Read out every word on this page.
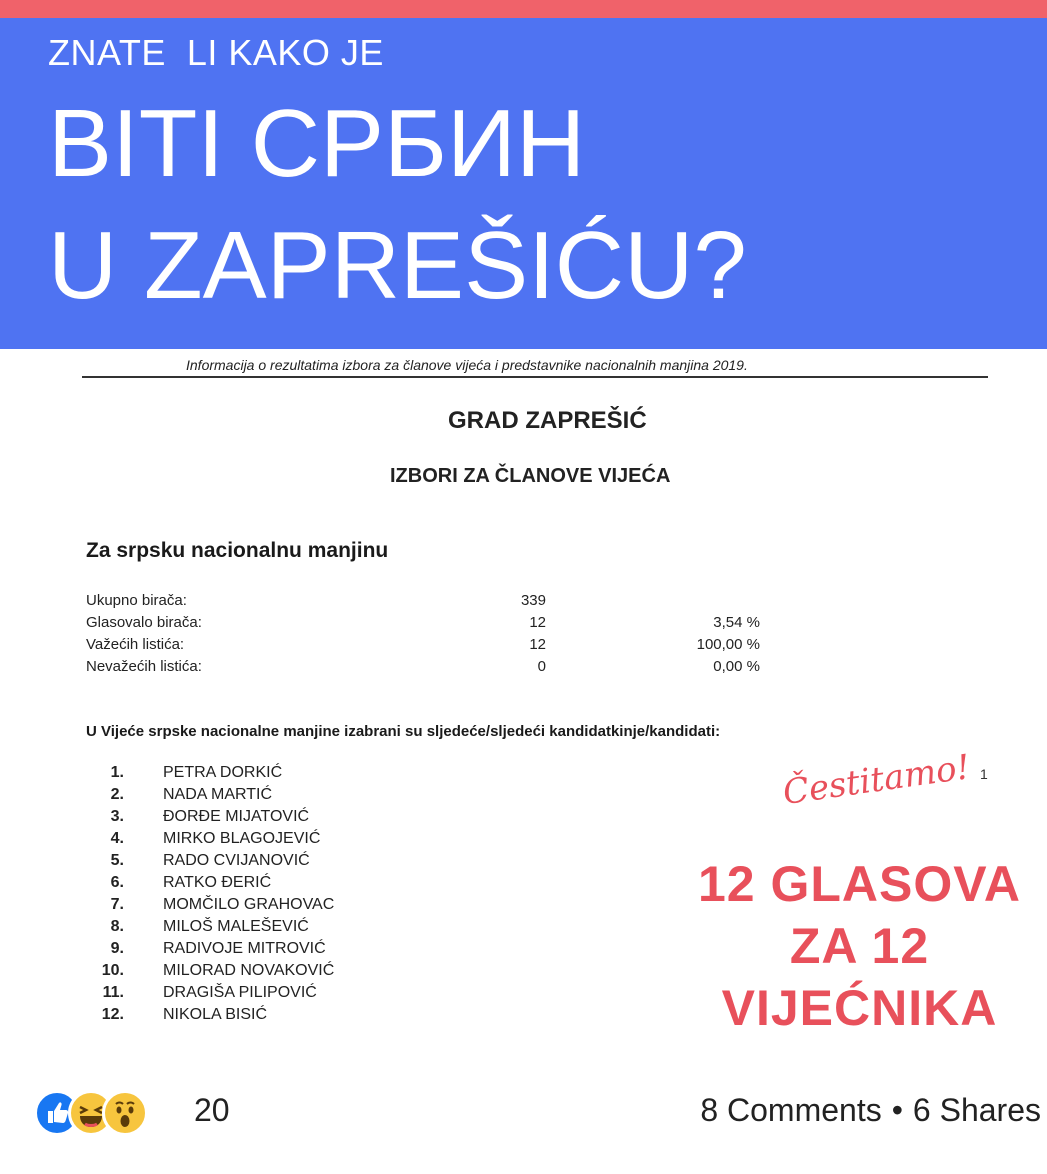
ZNATE  LI KAKO JE
BITI СРБИН
U ZAPREŠIĆU?
Informacija o rezultatima izbora za članove vijeća i predstavnike nacionalnih manjina 2019.
GRAD ZAPREŠIĆ
IZBORI ZA ČLANOVE VIJEĆA
Za srpsku nacionalnu manjinu
Ukupno birača:	339
Glasovalo birača:	12	3,54 %
Važećih listića:	12	100,00 %
Nevažećih listića:	0	0,00 %
U Vijeće srpske nacionalne manjine izabrani su sljedeće/sljedeći kandidatkinje/kandidati:
1. PETRA DORKIĆ
2. NADA MARTIĆ
3. ĐORĐE MIJATOVIĆ
4. MIRKO BLAGOJEVIĆ
5. RADO CVIJANOVIĆ
6. RATKO ĐERIĆ
7. MOMČILO GRAHOVAC
8. MILOŠ MALEŠEVIĆ
9. RADIVOJE MITROVIĆ
10. MILORAD NOVAKOVIĆ
11. DRAGIŠA PILIPOVIĆ
12. NIKOLA BISIĆ
Čestitamo! 1
12 GLASOVA
ZA 12
VIJEĆNIKA
20	8 Comments • 6 Shares
